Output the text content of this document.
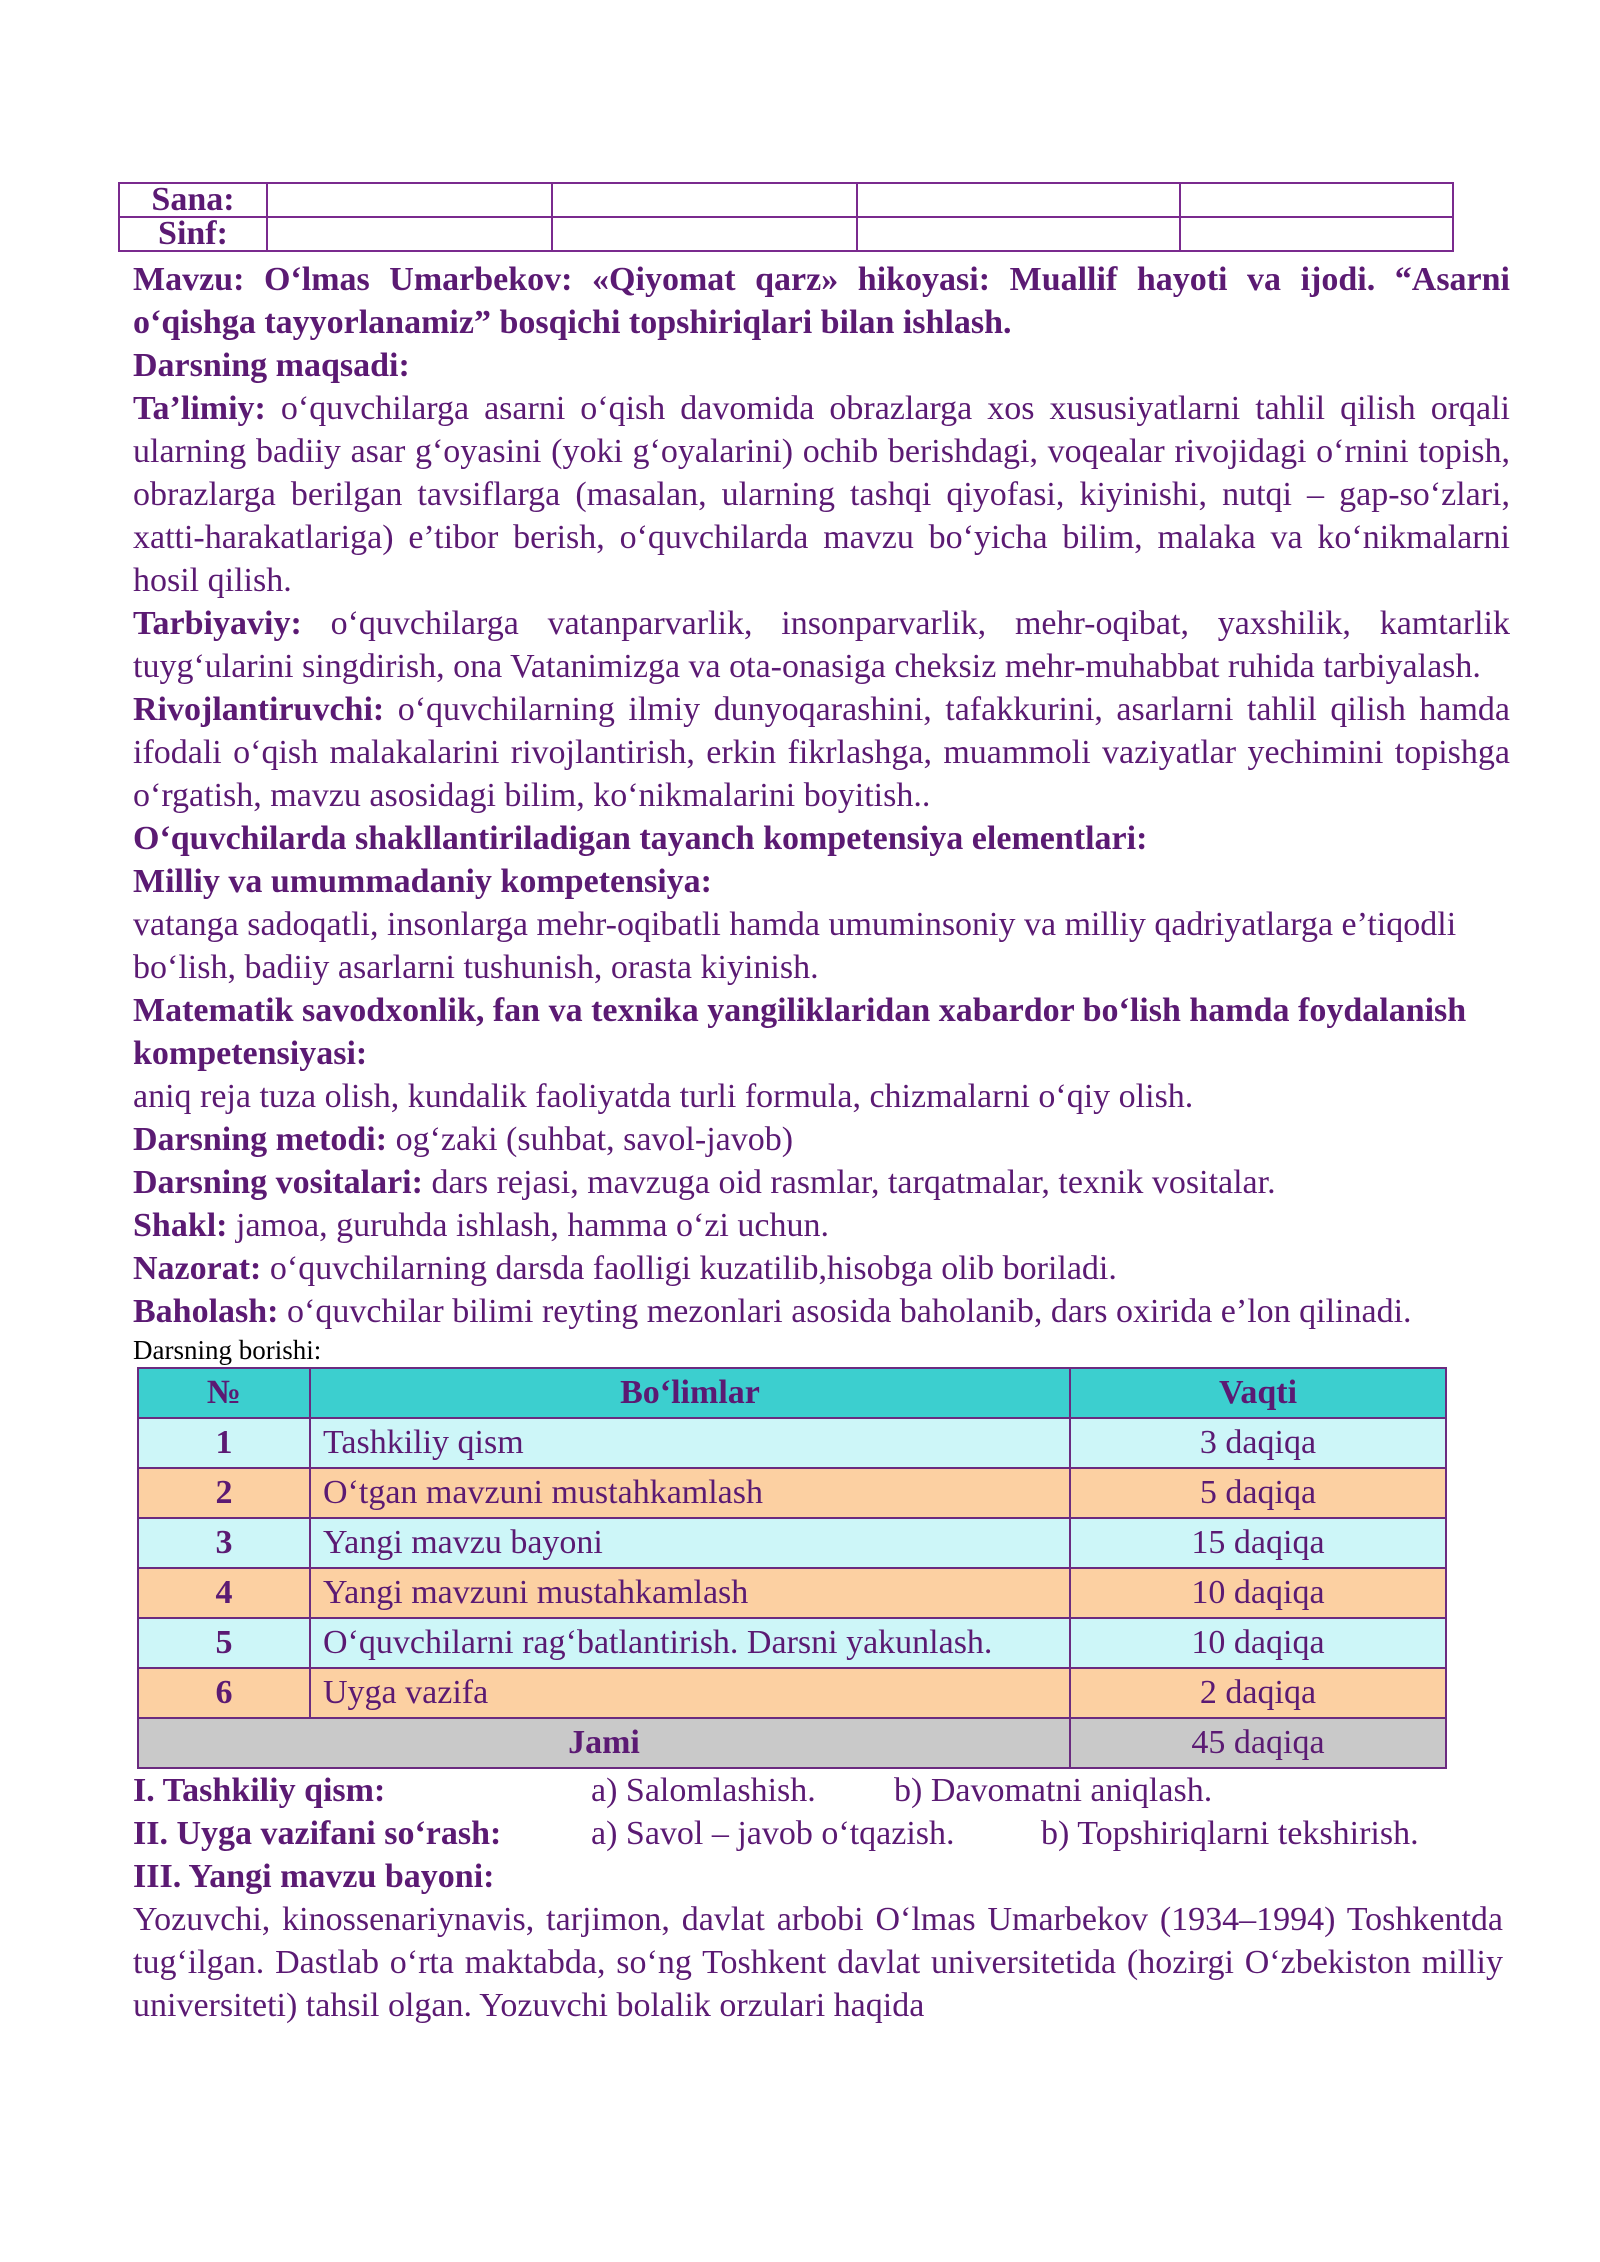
Sana:				
Sinf:				

Mavzu: O‘lmas Umarbekov: «Qiyomat qarz» hikoyasi: Muallif hayoti va ijodi. “Asarni o‘qishga tayyorlanamiz” bosqichi topshiriqlari bilan ishlash.

Darsning maqsadi:

Ta’limiy: o‘quvchilarga asarni o‘qish davomida obrazlarga xos xususiyatlarni tahlil qilish orqali ularning badiiy asar g‘oyasini (yoki g‘oyalarini) ochib berishdagi, voqealar rivojidagi o‘rnini topish, obrazlarga berilgan tavsiflarga (masalan, ularning tashqi qiyofasi, kiyinishi, nutqi – gap-so‘zlari, xatti-harakatlariga) e’tibor berish, o‘quvchilarda mavzu bo‘yicha bilim, malaka va ko‘nikmalarni hosil qilish.

Tarbiyaviy: o‘quvchilarga vatanparvarlik, insonparvarlik, mehr-oqibat, yaxshilik, kamtarlik tuyg‘ularini singdirish, ona Vatanimizga va ota-onasiga cheksiz mehr-muhabbat ruhida tarbiyalash.

Rivojlantiruvchi: o‘quvchilarning ilmiy dunyoqarashini, tafakkurini, asarlarni tahlil qilish hamda ifodali o‘qish malakalarini rivojlantirish, erkin fikrlashga, muammoli vaziyatlar yechimini topishga o‘rgatish, mavzu asosidagi bilim, ko‘nikmalarini boyitish..

O‘quvchilarda shakllantiriladigan tayanch kompetensiya elementlari:

Milliy va umummadaniy kompetensiya:

vatanga sadoqatli, insonlarga mehr-oqibatli hamda umuminsoniy va milliy qadriyatlarga e’tiqodli bo‘lish, badiiy asarlarni tushunish, orasta kiyinish.

Matematik savodxonlik, fan va texnika yangiliklaridan xabardor bo‘lish hamda foydalanish kompetensiyasi:

aniq reja tuza olish, kundalik faoliyatda turli formula, chizmalarni o‘qiy olish.

Darsning metodi: og‘zaki (suhbat, savol-javob)

Darsning vositalari: dars rejasi, mavzuga oid rasmlar, tarqatmalar, texnik vositalar.

Shakl: jamoa, guruhda ishlash, hamma o‘zi uchun.

Nazorat: o‘quvchilarning darsda faolligi kuzatilib,hisobga olib boriladi.

Baholash: o‘quvchilar bilimi reyting mezonlari asosida baholanib, dars oxirida e’lon qilinadi.

Darsning borishi:

№	Bo‘limlar	Vaqti
1	Tashkiliy qism	3 daqiqa
2	O‘tgan mavzuni mustahkamlash	5 daqiqa
3	Yangi mavzu bayoni	15 daqiqa
4	Yangi mavzuni mustahkamlash	10 daqiqa
5	O‘quvchilarni rag‘batlantirish. Darsni yakunlash.	10 daqiqa
6	Uyga vazifa	2 daqiqa
Jami		45 daqiqa
I. Tashkiliy qism:	a) Salomlashish.	b) Davomatni aniqlash.
II. Uyga vazifani so‘rash:	a) Savol – javob o‘tqazish.	b) Topshiriqlarni tekshirish.

III. Yangi mavzu bayoni:

Yozuvchi, kinossenariynavis, tarjimon, davlat arbobi O‘lmas Umarbekov (1934–1994) Toshkentda tug‘ilgan. Dastlab o‘rta maktabda, so‘ng Toshkent davlat universitetida (hozirgi O‘zbekiston milliy universiteti) tahsil olgan. Yozuvchi bolalik orzulari haqida
